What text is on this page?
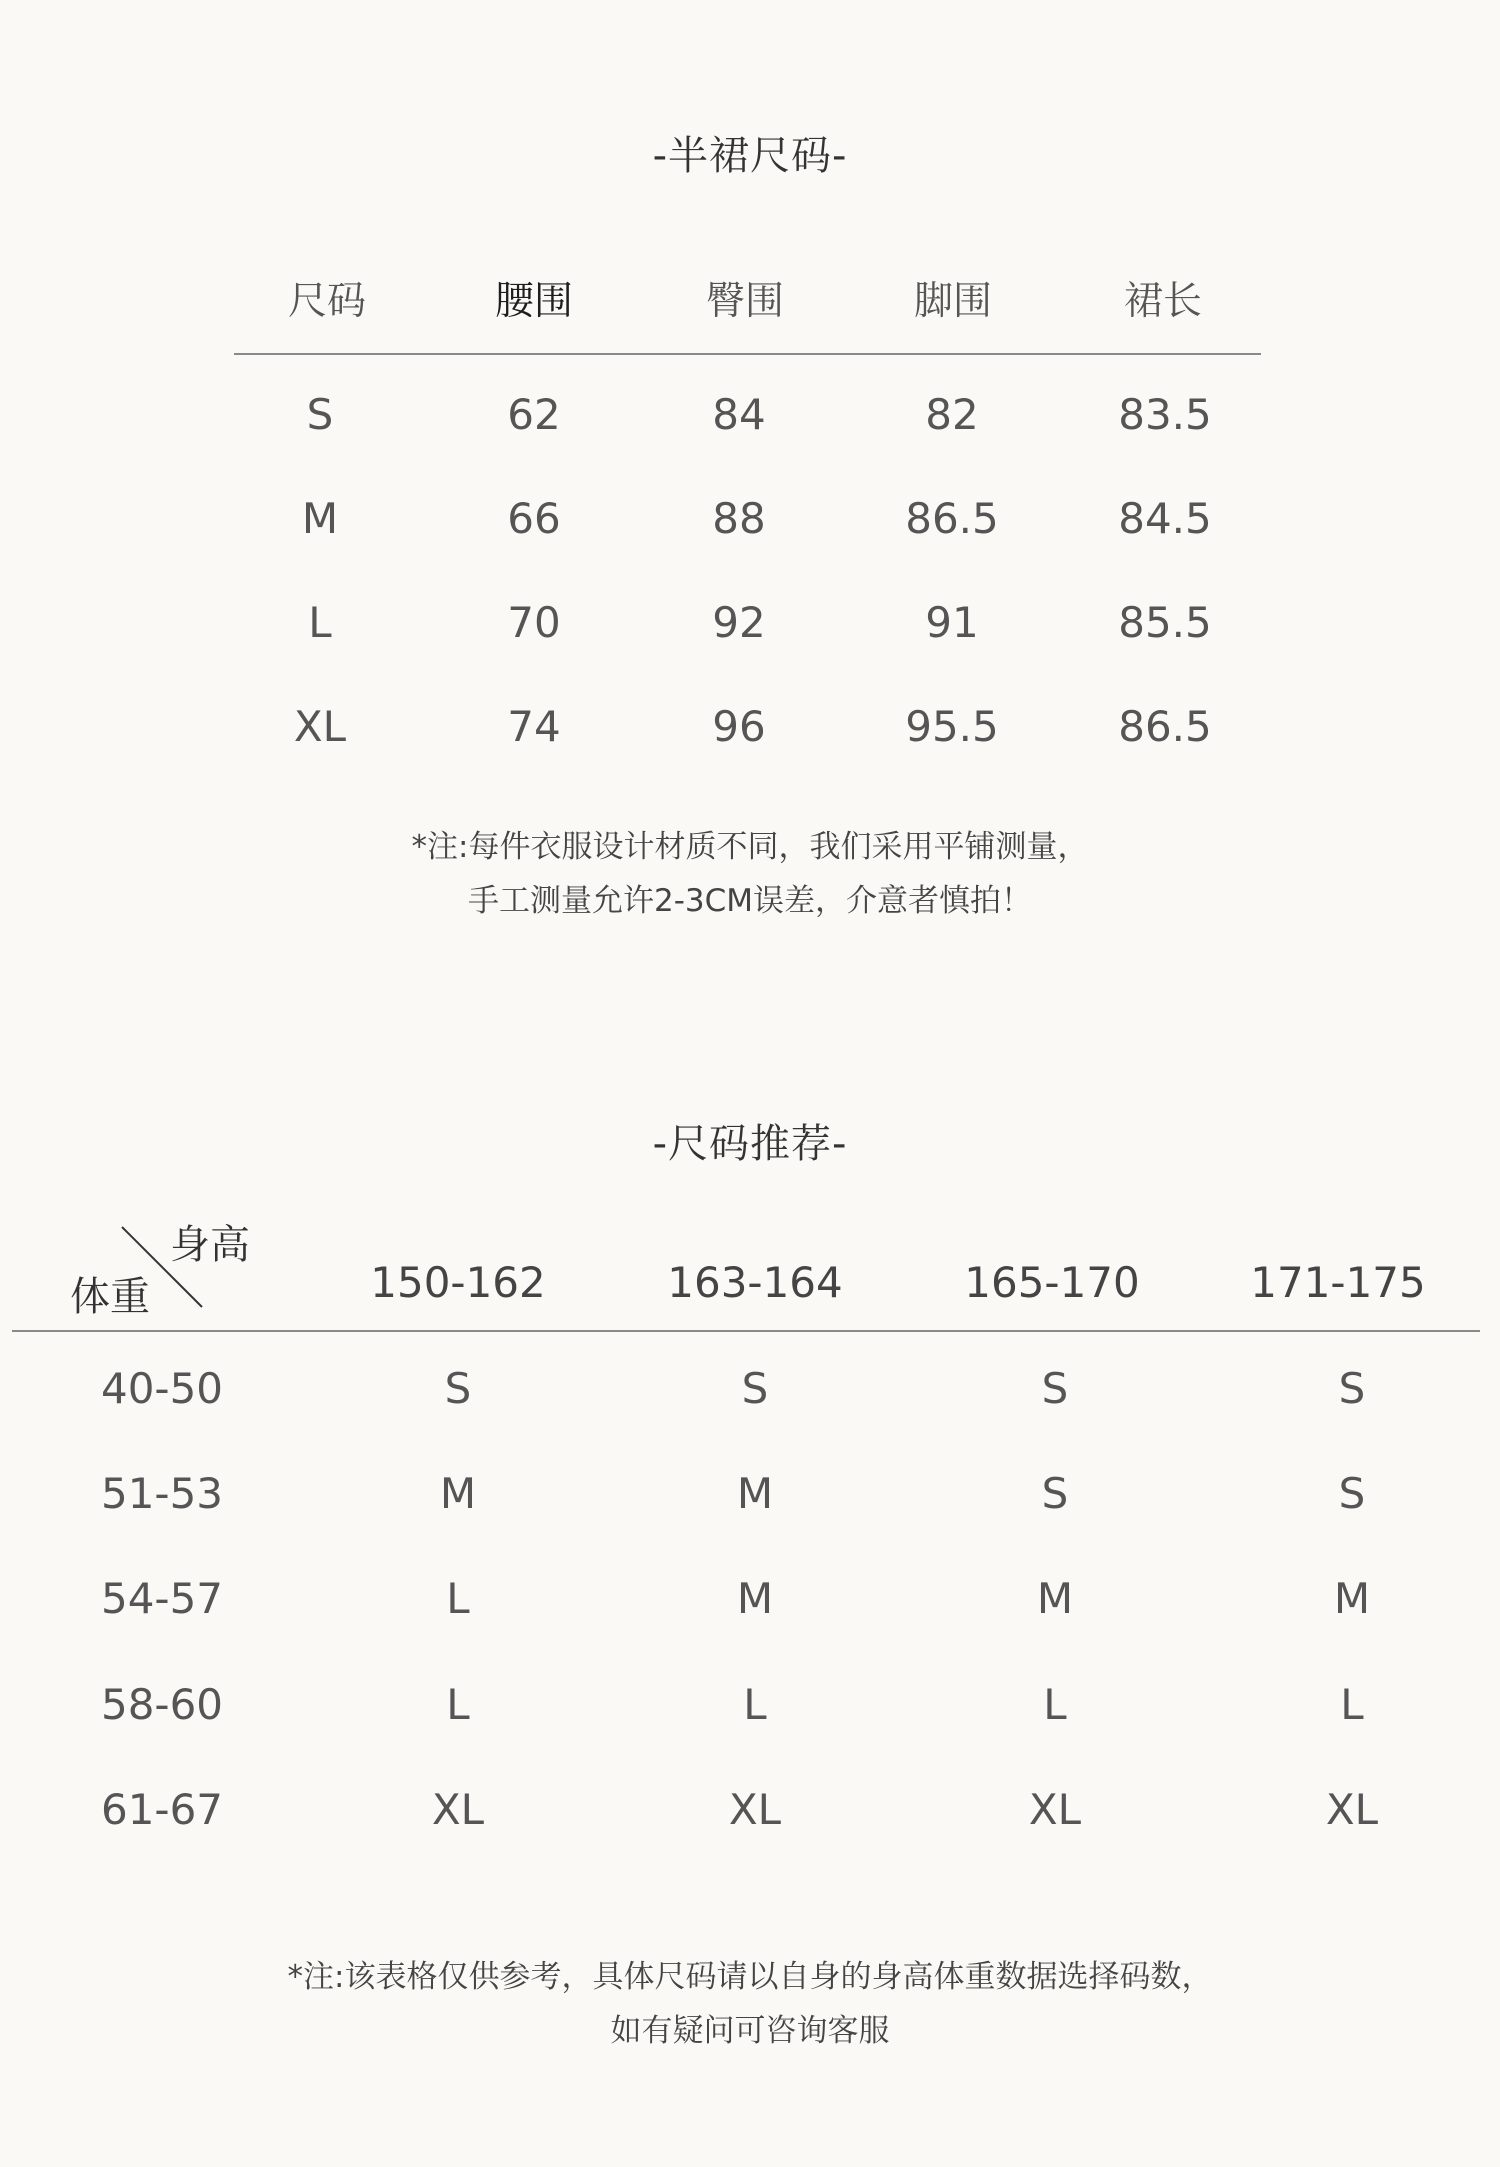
-半裙尺码-
尺码	腰围	臀围	脚围	裙长
S	62	84	82	83.5
M	66	88	86.5	84.5
L	70	92	91	85.5
XL	74	96	95.5	86.5
*注:每件衣服设计材质不同，我们采用平铺测量，
手工测量允许2-3CM误差，介意者慎拍！
-尺码推荐-
身高
体重	150-162	163-164	165-170	171-175
40-50	S	S	S	S
51-53	M	M	S	S
54-57	L	M	M	M
58-60	L	L	L	L
61-67	XL	XL	XL	XL
*注:该表格仅供参考，具体尺码请以自身的身高体重数据选择码数，
如有疑问可咨询客服
